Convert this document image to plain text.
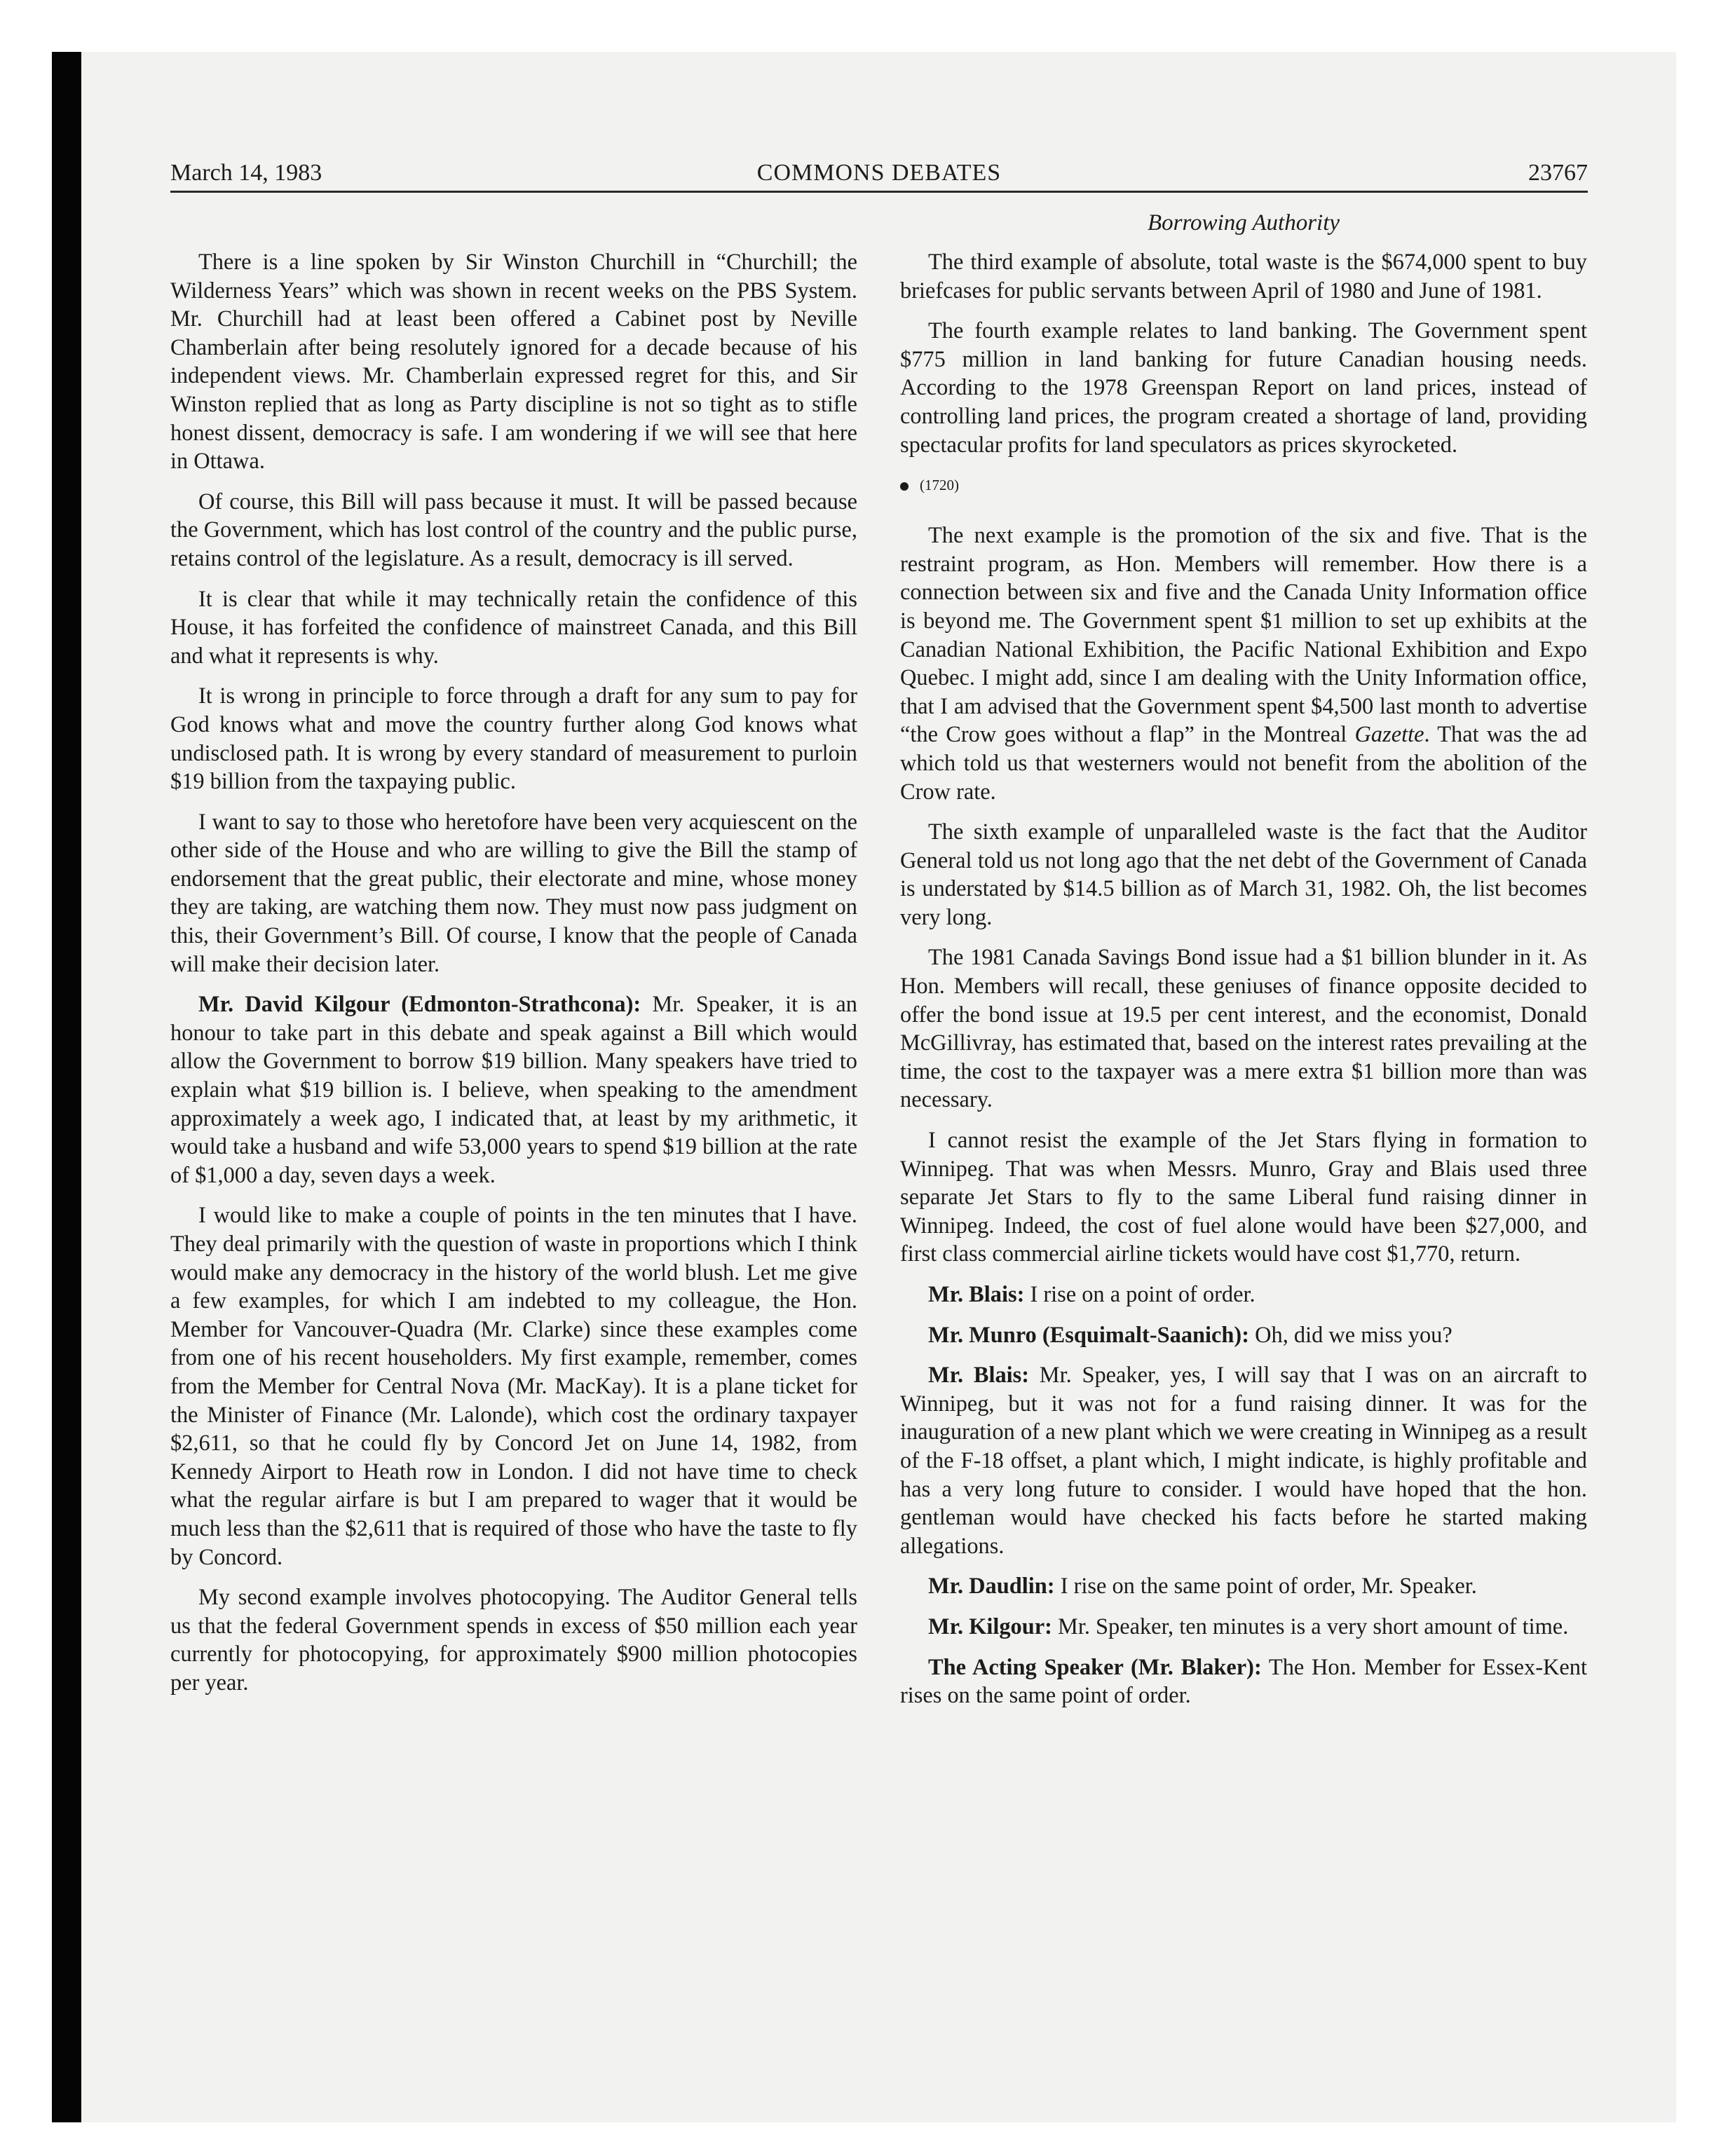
March 14, 1983	COMMONS DEBATES	23767
Borrowing Authority

There is a line spoken by Sir Winston Churchill in “Churchill; the Wilderness Years” which was shown in recent weeks on the PBS System. Mr. Churchill had at least been offered a Cabinet post by Neville Chamberlain after being resolutely ignored for a decade because of his independent views. Mr. Chamberlain expressed regret for this, and Sir Winston replied that as long as Party discipline is not so tight as to stifle honest dissent, democracy is safe. I am wondering if we will see that here in Ottawa.

Of course, this Bill will pass because it must. It will be passed because the Government, which has lost control of the country and the public purse, retains control of the legislature. As a result, democracy is ill served.

It is clear that while it may technically retain the confidence of this House, it has forfeited the confidence of mainstreet Canada, and this Bill and what it represents is why.

It is wrong in principle to force through a draft for any sum to pay for God knows what and move the country further along God knows what undisclosed path. It is wrong by every standard of measurement to purloin $19 billion from the taxpaying public.

I want to say to those who heretofore have been very acquiescent on the other side of the House and who are willing to give the Bill the stamp of endorsement that the great public, their electorate and mine, whose money they are taking, are watching them now. They must now pass judgment on this, their Government’s Bill. Of course, I know that the people of Canada will make their decision later.

Mr. David Kilgour (Edmonton-Strathcona): Mr. Speaker, it is an honour to take part in this debate and speak against a Bill which would allow the Government to borrow $19 billion. Many speakers have tried to explain what $19 billion is. I believe, when speaking to the amendment approximately a week ago, I indicated that, at least by my arithmetic, it would take a husband and wife 53,000 years to spend $19 billion at the rate of $1,000 a day, seven days a week.

I would like to make a couple of points in the ten minutes that I have. They deal primarily with the question of waste in proportions which I think would make any democracy in the history of the world blush. Let me give a few examples, for which I am indebted to my colleague, the Hon. Member for Vancouver-Quadra (Mr. Clarke) since these examples come from one of his recent householders. My first example, remember, comes from the Member for Central Nova (Mr. MacKay). It is a plane ticket for the Minister of Finance (Mr. Lalonde), which cost the ordinary taxpayer $2,611, so that he could fly by Concord Jet on June 14, 1982, from Kennedy Airport to Heath row in London. I did not have time to check what the regular airfare is but I am prepared to wager that it would be much less than the $2,611 that is required of those who have the taste to fly by Concord.

My second example involves photocopying. The Auditor General tells us that the federal Government spends in excess of $50 million each year currently for photocopying, for approximately $900 million photocopies per year.

The third example of absolute, total waste is the $674,000 spent to buy briefcases for public servants between April of 1980 and June of 1981.

The fourth example relates to land banking. The Government spent $775 million in land banking for future Canadian housing needs. According to the 1978 Greenspan Report on land prices, instead of controlling land prices, the program created a shortage of land, providing spectacular profits for land speculators as prices skyrocketed.

(1720)

The next example is the promotion of the six and five. That is the restraint program, as Hon. Members will remember. How there is a connection between six and five and the Canada Unity Information office is beyond me. The Government spent $1 million to set up exhibits at the Canadian National Exhibition, the Pacific National Exhibition and Expo Quebec. I might add, since I am dealing with the Unity Information office, that I am advised that the Government spent $4,500 last month to advertise “the Crow goes without a flap” in the Montreal Gazette. That was the ad which told us that westerners would not benefit from the abolition of the Crow rate.

The sixth example of unparalleled waste is the fact that the Auditor General told us not long ago that the net debt of the Government of Canada is understated by $14.5 billion as of March 31, 1982. Oh, the list becomes very long.

The 1981 Canada Savings Bond issue had a $1 billion blunder in it. As Hon. Members will recall, these geniuses of finance opposite decided to offer the bond issue at 19.5 per cent interest, and the economist, Donald McGillivray, has estimated that, based on the interest rates prevailing at the time, the cost to the taxpayer was a mere extra $1 billion more than was necessary.

I cannot resist the example of the Jet Stars flying in formation to Winnipeg. That was when Messrs. Munro, Gray and Blais used three separate Jet Stars to fly to the same Liberal fund raising dinner in Winnipeg. Indeed, the cost of fuel alone would have been $27,000, and first class commercial airline tickets would have cost $1,770, return.

Mr. Blais: I rise on a point of order.

Mr. Munro (Esquimalt-Saanich): Oh, did we miss you?

Mr. Blais: Mr. Speaker, yes, I will say that I was on an aircraft to Winnipeg, but it was not for a fund raising dinner. It was for the inauguration of a new plant which we were creating in Winnipeg as a result of the F-18 offset, a plant which, I might indicate, is highly profitable and has a very long future to consider. I would have hoped that the hon. gentleman would have checked his facts before he started making allegations.

Mr. Daudlin: I rise on the same point of order, Mr. Speaker.

Mr. Kilgour: Mr. Speaker, ten minutes is a very short amount of time.

The Acting Speaker (Mr. Blaker): The Hon. Member for Essex-Kent rises on the same point of order.
